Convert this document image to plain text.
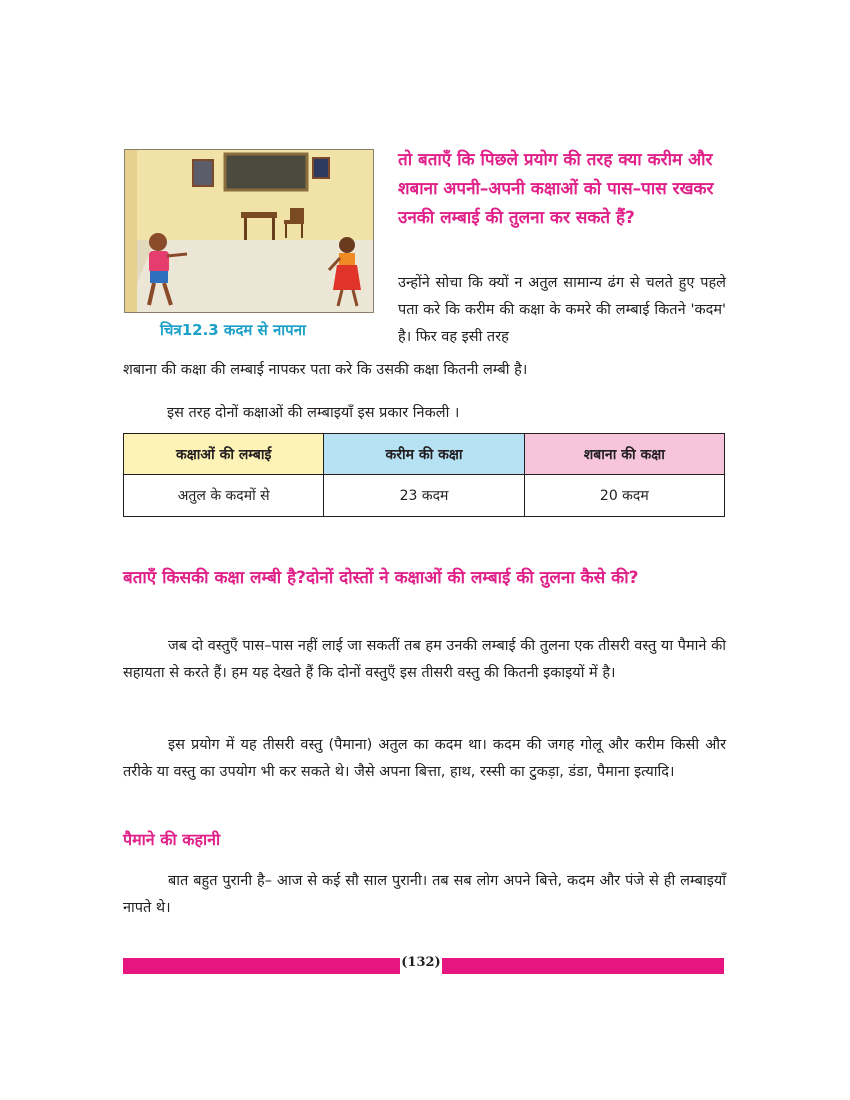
चित्र12.3 कदम से नापना
तो बताएँ कि पिछले प्रयोग की तरह क्या करीम और शबाना अपनी–अपनी कक्षाओं को पास–पास रखकर उनकी लम्बाई की तुलना कर सकते हैं?
उन्होंने सोचा कि क्यों न अतुल सामान्य ढंग से चलते हुए पहले पता करे कि करीम की कक्षा के कमरे की लम्बाई कितने 'कदम' है। फिर वह इसी तरह
शबाना की कक्षा की लम्बाई नापकर पता करे कि उसकी कक्षा कितनी लम्बी है।
इस तरह दोनों कक्षाओं की लम्बाइयाँ इस प्रकार निकली ।
कक्षाओं की लम्बाई	करीम की कक्षा	शबाना की कक्षा
अतुल के कदमों से	23 कदम	20 कदम
बताएँ किसकी कक्षा लम्बी है?दोनों दोस्तों ने कक्षाओं की लम्बाई की तुलना कैसे की?
जब दो वस्तुएँ पास–पास नहीं लाई जा सकतीं तब हम उनकी लम्बाई की तुलना एक तीसरी वस्तु या पैमाने की सहायता से करते हैं। हम यह देखते हैं कि दोनों वस्तुएँ इस तीसरी वस्तु की कितनी इकाइयों में है।
इस प्रयोग में यह तीसरी वस्तु (पैमाना) अतुल का कदम था। कदम की जगह गोलू और करीम किसी और तरीके या वस्तु का उपयोग भी कर सकते थे। जैसे अपना बित्ता, हाथ, रस्सी का टुकड़ा, डंडा, पैमाना इत्यादि।
पैमाने की कहानी
बात बहुत पुरानी है– आज से कई सौ साल पुरानी। तब सब लोग अपने बित्ते, कदम और पंजे से ही लम्बाइयाँ नापते थे।
(132)
